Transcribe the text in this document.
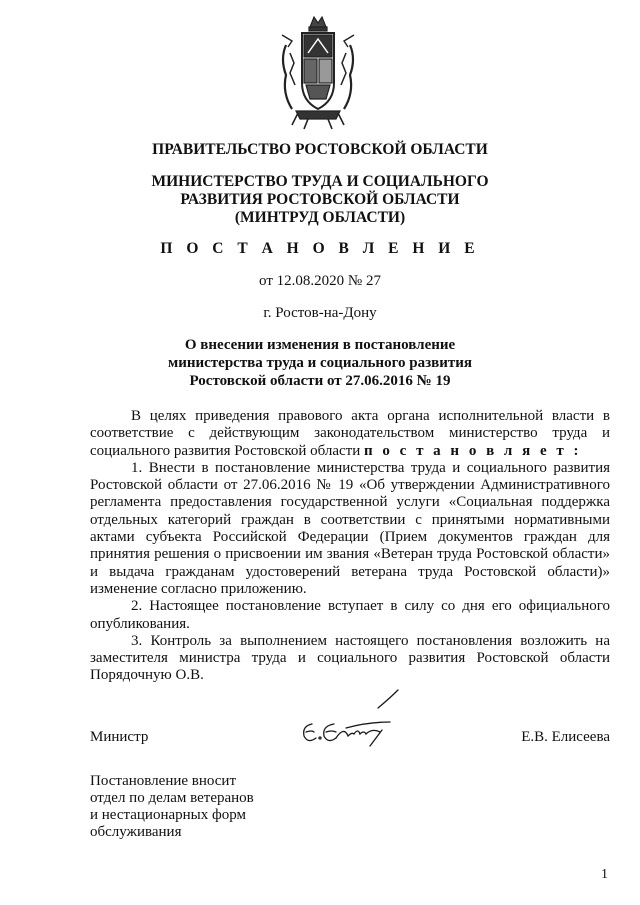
ПРАВИТЕЛЬСТВО РОСТОВСКОЙ ОБЛАСТИ

МИНИСТЕРСТВО ТРУДА И СОЦИАЛЬНОГО
РАЗВИТИЯ РОСТОВСКОЙ ОБЛАСТИ
(МИНТРУД ОБЛАСТИ)

П О С Т А Н О В Л Е Н И Е

от 12.08.2020 № 27

г. Ростов-на-Дону

О внесении изменения в постановление
министерства труда и социального развития
Ростовской области от 27.06.2016 № 19

В целях приведения правового акта органа исполнительной власти в соответствие с действующим законодательством министерство труда и социального развития Ростовской области п о с т а н о в л я е т :

1. Внести в постановление министерства труда и социального развития Ростовской области от 27.06.2016 № 19 «Об утверждении Административного регламента предоставления государственной услуги «Социальная поддержка отдельных категорий граждан в соответствии с принятыми нормативными актами субъекта Российской Федерации (Прием документов граждан для принятия решения о присвоении им звания «Ветеран труда Ростовской области» и выдача гражданам удостоверений ветерана труда Ростовской области)» изменение согласно приложению.

2. Настоящее постановление вступает в силу со дня его официального опубликования.

3. Контроль за выполнением настоящего постановления возложить на заместителя министра труда и социального развития Ростовской области Порядочную О.В.

Министр	Е.В. Елисеева
Постановление вносит
отдел по делам ветеранов
и нестационарных форм
обслуживания
1
